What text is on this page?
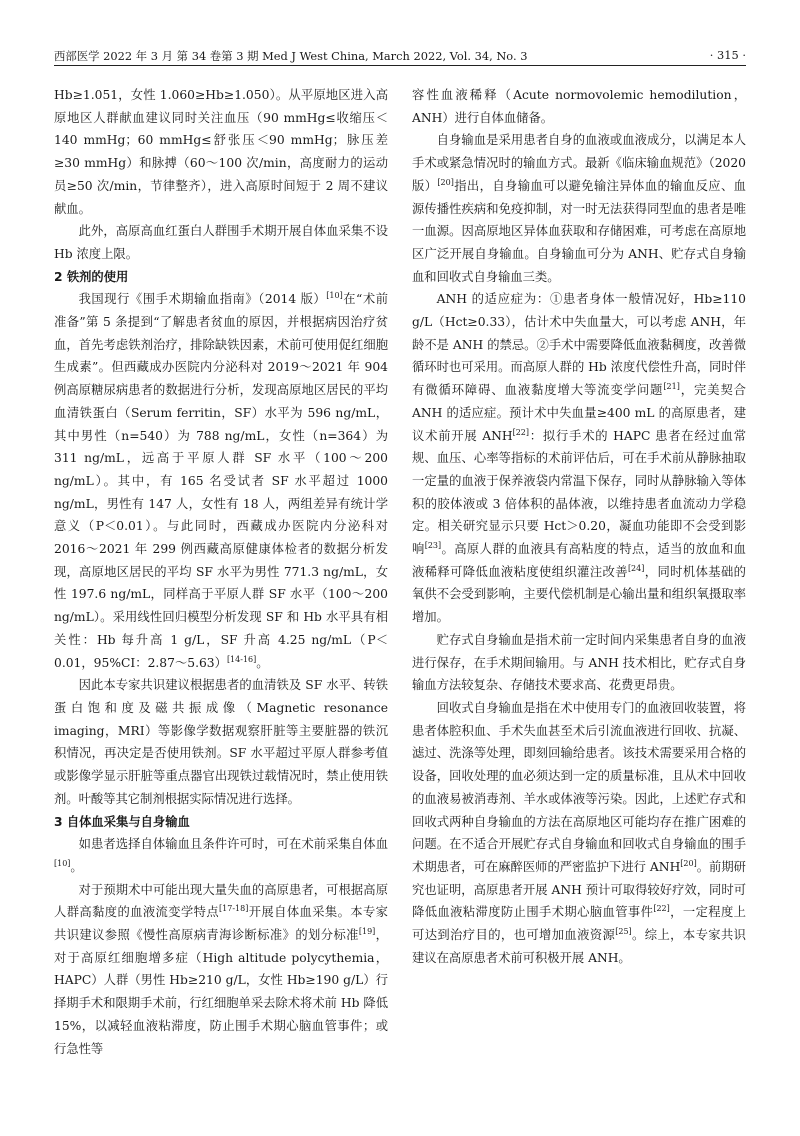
西部医学 2022 年 3 月 第 34 卷第 3 期 Med J West China, March 2022, Vol. 34, No. 3	· 315 ·

Hb≥1.051，女性 1.060≥Hb≥1.050）。从平原地区进入高原地区人群献血建议同时关注血压（90 mmHg≤收缩压＜140 mmHg；60 mmHg≤舒张压＜90 mmHg；脉压差≥30 mmHg）和脉搏（60～100 次/min，高度耐力的运动员≥50 次/min，节律整齐），进入高原时间短于 2 周不建议献血。

此外，高原高血红蛋白人群围手术期开展自体血采集不设 Hb 浓度上限。

2 铁剂的使用

我国现行《围手术期输血指南》（2014 版）[10]在“术前准备”第 5 条提到“了解患者贫血的原因，并根据病因治疗贫血，首先考虑铁剂治疗，排除缺铁因素，术前可使用促红细胞生成素”。但西藏成办医院内分泌科对 2019～2021 年 904 例高原糖尿病患者的数据进行分析，发现高原地区居民的平均血清铁蛋白（Serum ferritin，SF）水平为 596 ng/mL，其中男性（n=540）为 788 ng/mL，女性（n=364）为 311 ng/mL，远高于平原人群 SF 水平（100～200 ng/mL）。其中，有 165 名受试者 SF 水平超过 1000 ng/mL，男性有 147 人，女性有 18 人，两组差异有统计学意义（P＜0.01）。与此同时，西藏成办医院内分泌科对 2016～2021 年 299 例西藏高原健康体检者的数据分析发现，高原地区居民的平均 SF 水平为男性 771.3 ng/mL，女性 197.6 ng/mL，同样高于平原人群 SF 水平（100～200 ng/mL）。采用线性回归模型分析发现 SF 和 Hb 水平具有相关性：Hb 每升高 1 g/L，SF 升高 4.25 ng/mL（P＜0.01，95%CI：2.87～5.63）[14-16]。

因此本专家共识建议根据患者的血清铁及 SF 水平、转铁蛋白饱和度及磁共振成像（Magnetic resonance imaging，MRI）等影像学数据观察肝脏等主要脏器的铁沉积情况，再决定是否使用铁剂。SF 水平超过平原人群参考值或影像学显示肝脏等重点器官出现铁过载情况时，禁止使用铁剂。叶酸等其它制剂根据实际情况进行选择。

3 自体血采集与自身输血

如患者选择自体输血且条件许可时，可在术前采集自体血[10]。

对于预期术中可能出现大量失血的高原患者，可根据高原人群高黏度的血液流变学特点[17-18]开展自体血采集。本专家共识建议参照《慢性高原病青海诊断标准》的划分标准[19]，对于高原红细胞增多症（High altitude polycythemia，HAPC）人群（男性 Hb≥210 g/L，女性 Hb≥190 g/L）行择期手术和限期手术前，行红细胞单采去除术将术前 Hb 降低 15%，以减轻血液粘滞度，防止围手术期心脑血管事件；或行急性等

容性血液稀释（Acute normovolemic hemodilution，ANH）进行自体血储备。

自身输血是采用患者自身的血液或血液成分，以满足本人手术或紧急情况时的输血方式。最新《临床输血规范》（2020 版）[20]指出，自身输血可以避免输注异体血的输血反应、血源传播性疾病和免疫抑制，对一时无法获得同型血的患者是唯一血源。因高原地区异体血获取和存储困难，可考虑在高原地区广泛开展自身输血。自身输血可分为 ANH、贮存式自身输血和回收式自身输血三类。

ANH 的适应症为：①患者身体一般情况好，Hb≥110 g/L（Hct≥0.33），估计术中失血量大，可以考虑 ANH，年龄不是 ANH 的禁忌。②手术中需要降低血液黏稠度，改善微循环时也可采用。而高原人群的 Hb 浓度代偿性升高，同时伴有微循环障碍、血液黏度增大等流变学问题[21]，完美契合 ANH 的适应症。预计术中失血量≥400 mL 的高原患者，建议术前开展 ANH[22]：拟行手术的 HAPC 患者在经过血常规、血压、心率等指标的术前评估后，可在手术前从静脉抽取一定量的血液于保养液袋内常温下保存，同时从静脉输入等体积的胶体液或 3 倍体积的晶体液，以维持患者血流动力学稳定。相关研究显示只要 Hct＞0.20，凝血功能即不会受到影响[23]。高原人群的血液具有高粘度的特点，适当的放血和血液稀释可降低血液粘度使组织灌注改善[24]，同时机体基础的氧供不会受到影响，主要代偿机制是心输出量和组织氧摄取率增加。

贮存式自身输血是指术前一定时间内采集患者自身的血液进行保存，在手术期间输用。与 ANH 技术相比，贮存式自身输血方法较复杂、存储技术要求高、花费更昂贵。

回收式自身输血是指在术中使用专门的血液回收装置，将患者体腔积血、手术失血甚至术后引流血液进行回收、抗凝、滤过、洗涤等处理，即刻回输给患者。该技术需要采用合格的设备，回收处理的血必须达到一定的质量标准，且从术中回收的血液易被消毒剂、羊水或体液等污染。因此，上述贮存式和回收式两种自身输血的方法在高原地区可能均存在推广困难的问题。在不适合开展贮存式自身输血和回收式自身输血的围手术期患者，可在麻醉医师的严密监护下进行 ANH[20]。前期研究也证明，高原患者开展 ANH 预计可取得较好疗效，同时可降低血液粘滞度防止围手术期心脑血管事件[22]，一定程度上可达到治疗目的，也可增加血液资源[25]。综上，本专家共识建议在高原患者术前可积极开展 ANH。
